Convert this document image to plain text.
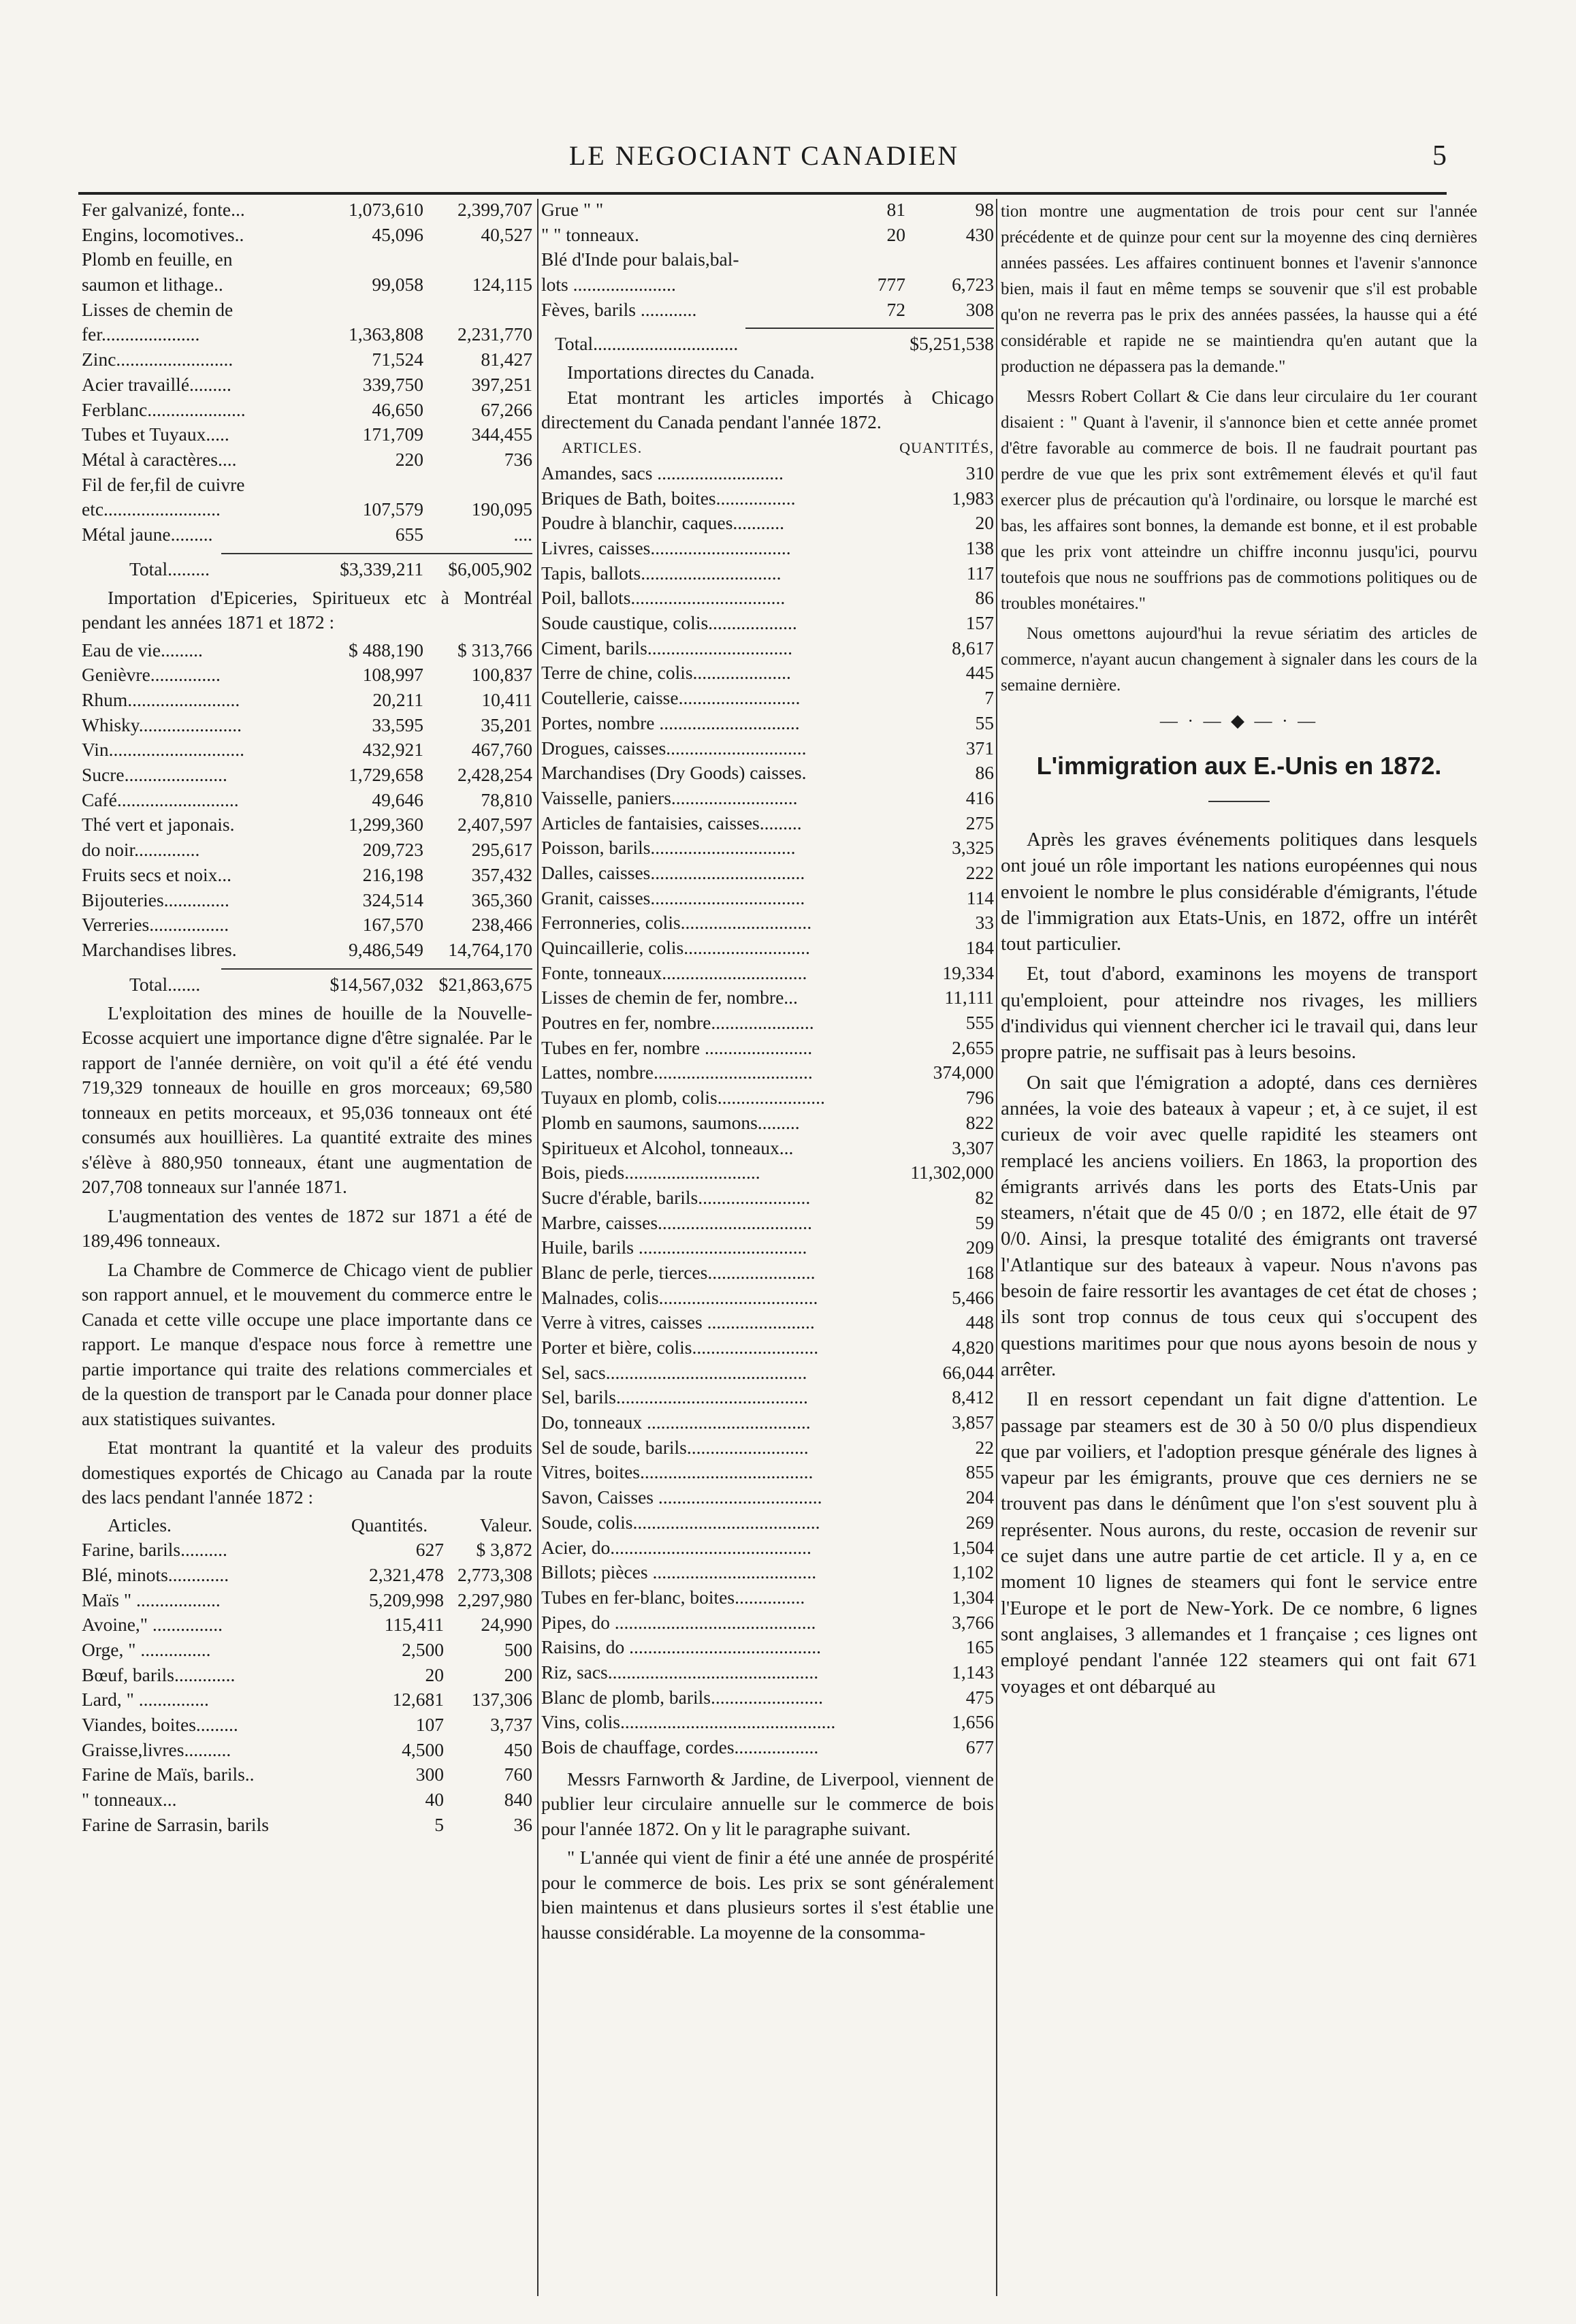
LE NEGOCIANT CANADIEN	5
Fer galvanizé, fonte...	1,073,610	2,399,707
Engins, locomotives..	45,096	40,527
Plomb en feuille, en
saumon et lithage..	99,058	124,115
Lisses de chemin de
fer.....................	1,363,808	2,231,770
Zinc.........................	71,524	81,427
Acier travaillé.........	339,750	397,251
Ferblanc.....................	46,650	67,266
Tubes et Tuyaux.....	171,709	344,455
Métal à caractères....	220	736
Fil de fer,fil de cuivre
etc.........................	107,579	190,095
Métal jaune.........	655	....
Total.........	$3,339,211	$6,005,902

Importation d'Epiceries, Spiritueux etc à Montréal pendant les années 1871 et 1872 :

Eau de vie.........	$ 488,190	$ 313,766
Genièvre...............	108,997	100,837
Rhum........................	20,211	10,411
Whisky......................	33,595	35,201
Vin.............................	432,921	467,760
Sucre......................	1,729,658	2,428,254
Café..........................	49,646	78,810
Thé vert et japonais.	1,299,360	2,407,597
do noir..............	209,723	295,617
Fruits secs et noix...	216,198	357,432
Bijouteries..............	324,514	365,360
Verreries.................	167,570	238,466
Marchandises libres.	9,486,549	14,764,170
Total.......	$14,567,032 $21,863,675

L'exploitation des mines de houille de la Nouvelle-Ecosse acquiert une importance digne d'être signalée. Par le rapport de l'année dernière, on voit qu'il a été été vendu 719,329 tonneaux de houille en gros morceaux; 69,580 tonneaux en petits morceaux, et 95,036 tonneaux ont été consumés aux houillières. La quantité extraite des mines s'élève à 880,950 tonneaux, étant une augmentation de 207,708 tonneaux sur l'année 1871.

L'augmentation des ventes de 1872 sur 1871 a été de 189,496 tonneaux.

La Chambre de Commerce de Chicago vient de publier son rapport annuel, et le mouvement du commerce entre le Canada et cette ville occupe une place importante dans ce rapport. Le manque d'espace nous force à remettre une partie importance qui traite des relations commerciales et de la question de transport par le Canada pour donner place aux statistiques suivantes.

Etat montrant la quantité et la valeur des produits domestiques exportés de Chicago au Canada par la route des lacs pendant l'année 1872 :

Articles.	Quantités.	Valeur.
Farine, barils..........	627	$ 3,872
Blé, minots.............	2,321,478 2,773,308
Maïs " ..................	5,209,998 2,297,980
Avoine," ...............	115,411	24,990
Orge, " ...............	2,500	500
Bœuf, barils.............	20	200
Lard, " ...............	12,681	137,306
Viandes, boites.........	107	3,737
Graisse,livres..........	4,500	450
Farine de Maïs, barils..	300	760
" tonneaux...	40	840
Farine de Sarrasin, barils	5	36
Grue " "	81	98
" " tonneaux.	20	430
Blé d'Inde pour balais,bal-
lots ......................	777	6,723
Fèves, barils ............	72	308
Total...............................	$5,251,538

Importations directes du Canada.

Etat montrant les articles importés à Chicago directement du Canada pendant l'année 1872.

ARTICLES.	QUANTITÉS,
Amandes, sacs ...........................	310
Briques de Bath, boites.................	1,983
Poudre à blanchir, caques...........	20
Livres, caisses..............................	138
Tapis, ballots..............................	117
Poil, ballots.................................	86
Soude caustique, colis...................	157
Ciment, barils...............................	8,617
Terre de chine, colis.....................	445
Coutellerie, caisse..........................	7
Portes, nombre ..............................	55
Drogues, caisses..............................	371
Marchandises (Dry Goods) caisses.	86
Vaisselle, paniers...........................	416
Articles de fantaisies, caisses.........	275
Poisson, barils...............................	3,325
Dalles, caisses.................................	222
Granit, caisses.................................	114
Ferronneries, colis............................	33
Quincaillerie, colis...........................	184
Fonte, tonneaux...............................	19,334
Lisses de chemin de fer, nombre...	11,111
Poutres en fer, nombre......................	555
Tubes en fer, nombre .......................	2,655
Lattes, nombre..................................	374,000
Tuyaux en plomb, colis.......................	796
Plomb en saumons, saumons.........	822
Spiritueux et Alcohol, tonneaux...	3,307
Bois, pieds.............................	11,302,000
Sucre d'érable, barils........................	82
Marbre, caisses.................................	59
Huile, barils ....................................	209
Blanc de perle, tierces.......................	168
Malnades, colis..................................	5,466
Verre à vitres, caisses .......................	448
Porter et bière, colis...........................	4,820
Sel, sacs...........................................	66,044
Sel, barils.........................................	8,412
Do, tonneaux ...................................	3,857
Sel de soude, barils..........................	22
Vitres, boites.....................................	855
Savon, Caisses ...................................	204
Soude, colis........................................	269
Acier, do...........................................	1,504
Billots; pièces ...................................	1,102
Tubes en fer-blanc, boites...............	1,304
Pipes, do ...........................................	3,766
Raisins, do .........................................	165
Riz, sacs.............................................	1,143
Blanc de plomb, barils........................	475
Vins, colis..............................................	1,656
Bois de chauffage, cordes..................	677

Messrs Farnworth & Jardine, de Liverpool, viennent de publier leur circulaire annuelle sur le commerce de bois pour l'année 1872. On y lit le paragraphe suivant.

" L'année qui vient de finir a été une année de prospérité pour le commerce de bois. Les prix se sont généralement bien maintenus et dans plusieurs sortes il s'est établie une hausse considérable. La moyenne de la consomma-

tion montre une augmentation de trois pour cent sur l'année précédente et de quinze pour cent sur la moyenne des cinq dernières années passées. Les affaires continuent bonnes et l'avenir s'annonce bien, mais il faut en même temps se souvenir que s'il est probable qu'on ne reverra pas le prix des années passées, la hausse qui a été considérable et rapide ne se maintiendra qu'en autant que la production ne dépassera pas la demande."

Messrs Robert Collart & Cie dans leur circulaire du 1er courant disaient : " Quant à l'avenir, il s'annonce bien et cette année promet d'être favorable au commerce de bois. Il ne faudrait pourtant pas perdre de vue que les prix sont extrêmement élevés et qu'il faut exercer plus de précaution qu'à l'ordinaire, ou lorsque le marché est bas, les affaires sont bonnes, la demande est bonne, et il est probable que les prix vont atteindre un chiffre inconnu jusqu'ici, pourvu toutefois que nous ne souffrions pas de commotions politiques ou de troubles monétaires."

Nous omettons aujourd'hui la revue sériatim des articles de commerce, n'ayant aucun changement à signaler dans les cours de la semaine dernière.

— · — ◆ — · —
L'immigration aux E.-Unis en 1872.

Après les graves événements politiques dans lesquels ont joué un rôle important les nations européennes qui nous envoient le nombre le plus considérable d'émigrants, l'étude de l'immigration aux Etats-Unis, en 1872, offre un intérêt tout particulier.

Et, tout d'abord, examinons les moyens de transport qu'emploient, pour atteindre nos rivages, les milliers d'individus qui viennent chercher ici le travail qui, dans leur propre patrie, ne suffisait pas à leurs besoins.

On sait que l'émigration a adopté, dans ces dernières années, la voie des bateaux à vapeur ; et, à ce sujet, il est curieux de voir avec quelle rapidité les steamers ont remplacé les anciens voiliers. En 1863, la proportion des émigrants arrivés dans les ports des Etats-Unis par steamers, n'était que de 45 0/0 ; en 1872, elle était de 97 0/0. Ainsi, la presque totalité des émigrants ont traversé l'Atlantique sur des bateaux à vapeur. Nous n'avons pas besoin de faire ressortir les avantages de cet état de choses ; ils sont trop connus de tous ceux qui s'occupent des questions maritimes pour que nous ayons besoin de nous y arrêter.

Il en ressort cependant un fait digne d'attention. Le passage par steamers est de 30 à 50 0/0 plus dispendieux que par voiliers, et l'adoption presque générale des lignes à vapeur par les émigrants, prouve que ces derniers ne se trouvent pas dans le dénûment que l'on s'est souvent plu à représenter. Nous aurons, du reste, occasion de revenir sur ce sujet dans une autre partie de cet article. Il y a, en ce moment 10 lignes de steamers qui font le service entre l'Europe et le port de New-York. De ce nombre, 6 lignes sont anglaises, 3 allemandes et 1 française ; ces lignes ont employé pendant l'année 122 steamers qui ont fait 671 voyages et ont débarqué au
